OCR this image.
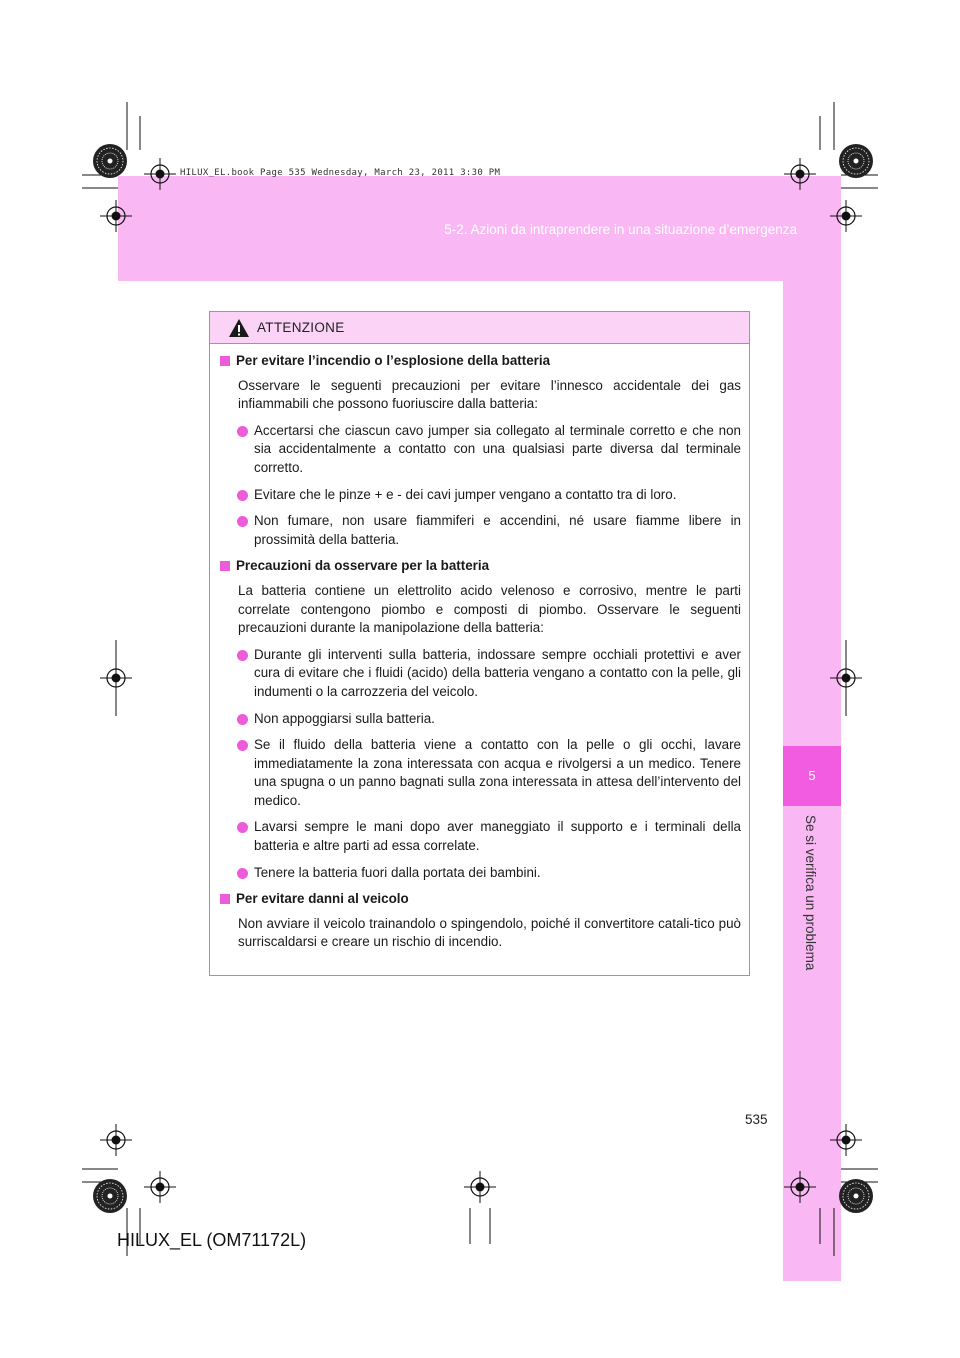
HILUX_EL.book Page 535 Wednesday, March 23, 2011 3:30 PM
5-2. Azioni da intraprendere in una situazione d’emergenza
5
Se si verifica un problema
ATTENZIONE
Per evitare l’incendio o l’esplosione della batteria
Osservare le seguenti precauzioni per evitare l’innesco accidentale dei gas infiammabili che possono fuoriuscire dalla batteria:
Accertarsi che ciascun cavo jumper sia collegato al terminale corretto e che non sia accidentalmente a contatto con una qualsiasi parte diversa dal terminale corretto.
Evitare che le pinze + e - dei cavi jumper vengano a contatto tra di loro.
Non fumare, non usare fiammiferi e accendini, né usare fiamme libere in prossimità della batteria.
Precauzioni da osservare per la batteria
La batteria contiene un elettrolito acido velenoso e corrosivo, mentre le parti correlate contengono piombo e composti di piombo. Osservare le seguenti precauzioni durante la manipolazione della batteria:
Durante gli interventi sulla batteria, indossare sempre occhiali protettivi e aver cura di evitare che i fluidi (acido) della batteria vengano a contatto con la pelle, gli indumenti o la carrozzeria del veicolo.
Non appoggiarsi sulla batteria.
Se il fluido della batteria viene a contatto con la pelle o gli occhi, lavare immediatamente la zona interessata con acqua e rivolgersi a un medico. Tenere una spugna o un panno bagnati sulla zona interessata in attesa dell’intervento del medico.
Lavarsi sempre le mani dopo aver maneggiato il supporto e i terminali della batteria e altre parti ad essa correlate.
Tenere la batteria fuori dalla portata dei bambini.
Per evitare danni al veicolo
Non avviare il veicolo trainandolo o spingendolo, poiché il convertitore catali-tico può surriscaldarsi e creare un rischio di incendio.
535
HILUX_EL (OM71172L)
